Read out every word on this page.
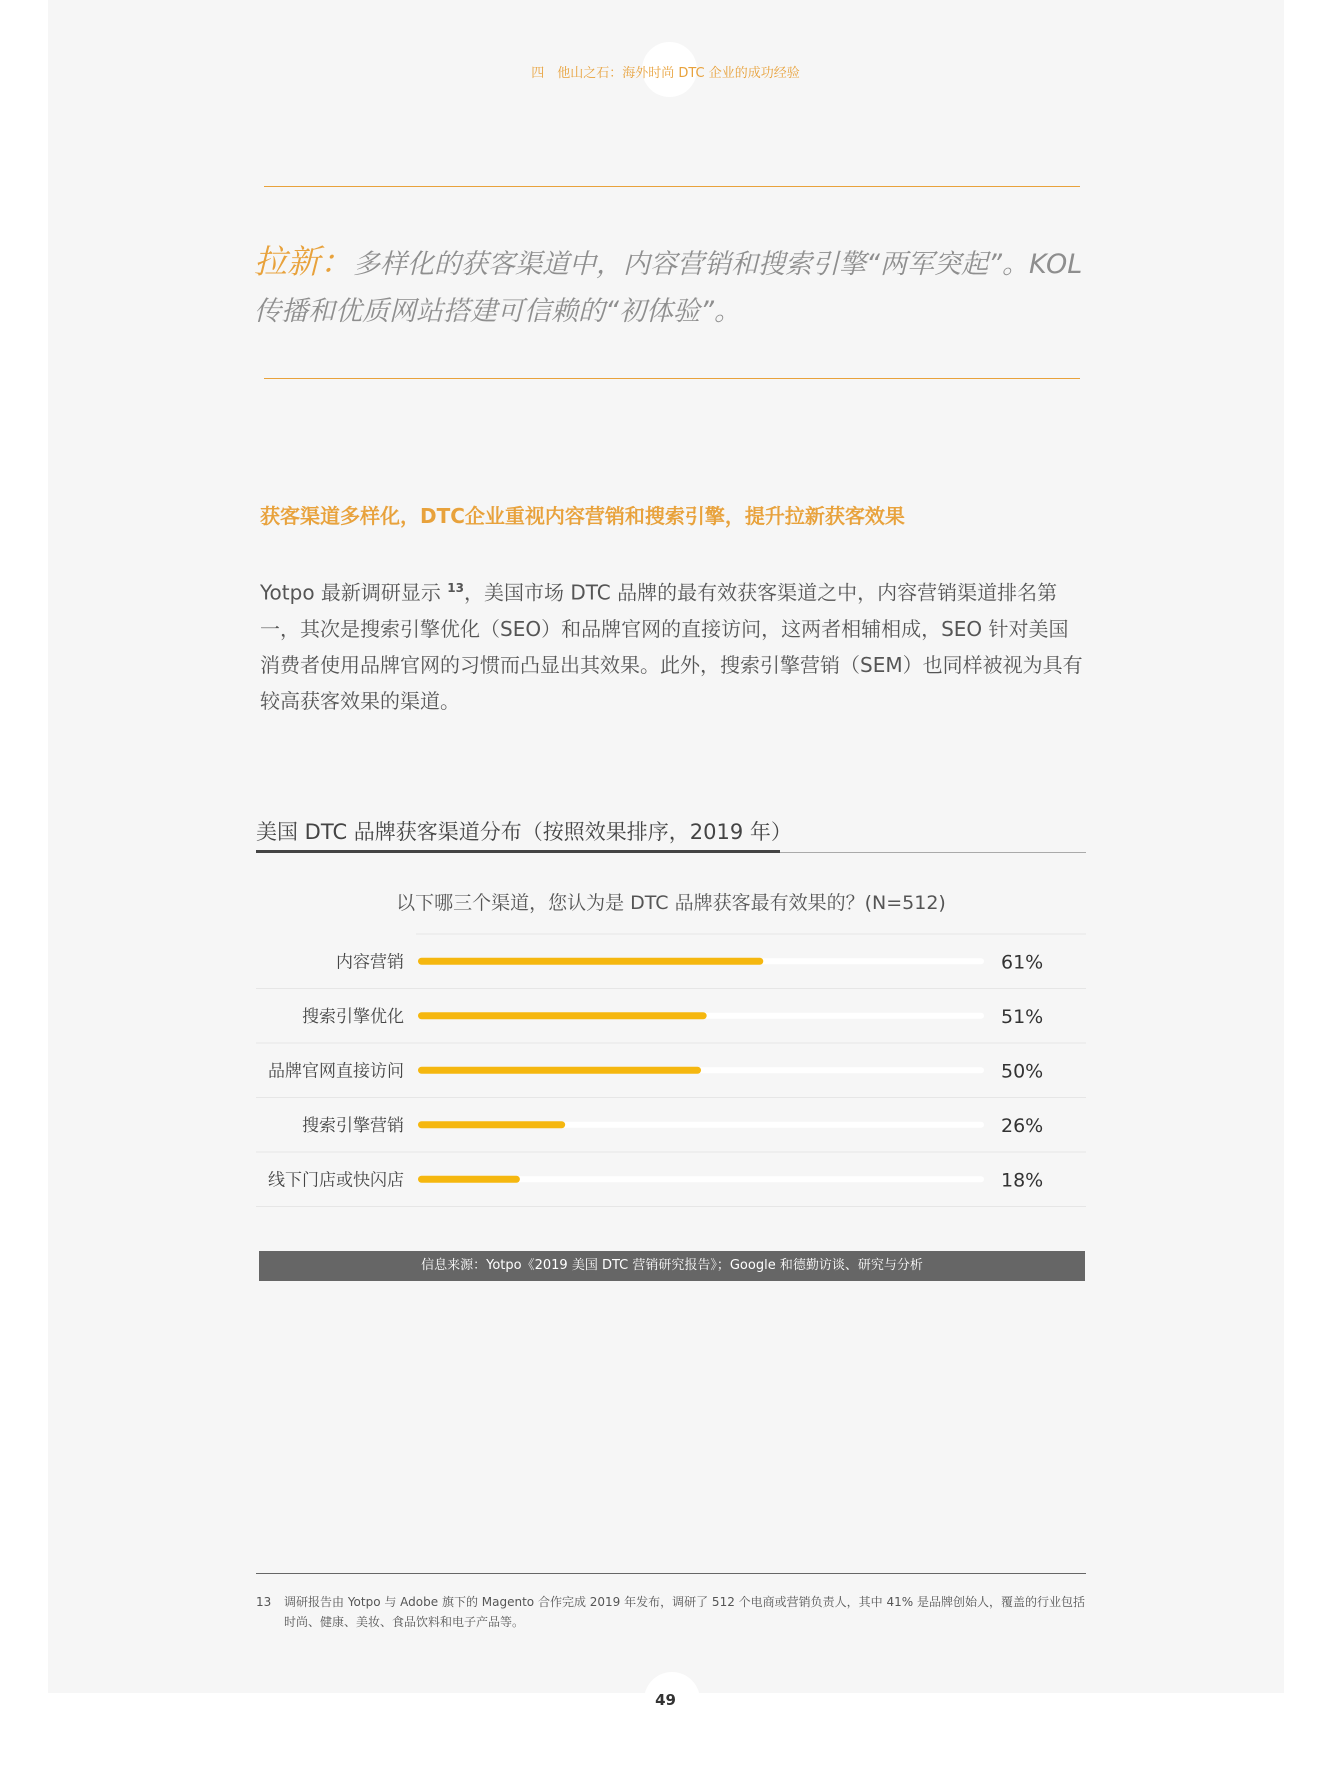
四　他山之石：海外时尚 DTC 企业的成功经验
拉新：多样化的获客渠道中，内容营销和搜索引擎“两军突起”。KOL 传播和优质网站搭建可信赖的“初体验”。
获客渠道多样化，DTC企业重视内容营销和搜索引擎，提升拉新获客效果
Yotpo 最新调研显示 $^{13}$，美国市场 DTC 品牌的最有效获客渠道之中，内容营销渠道排名第一，其次是搜索引擎优化（SEO）和品牌官网的直接访问，这两者相辅相成，SEO 针对美国消费者使用品牌官网的习惯而凸显出其效果。此外，搜索引擎营销（SEM）也同样被视为具有较高获客效果的渠道。
美国 DTC 品牌获客渠道分布（按照效果排序，2019 年）
以下哪三个渠道，您认为是 DTC 品牌获客最有效果的？(N=512)
内容营销	61%
搜索引擎优化	51%
品牌官网直接访问	50%
搜索引擎营销	26%
线下门店或快闪店	18%
信息来源：Yotpo《2019 美国 DTC 营销研究报告》；Google 和德勤访谈、研究与分析
13 调研报告由 Yotpo 与 Adobe 旗下的 Magento 合作完成 2019 年发布，调研了 512 个电商或营销负责人，其中 41% 是品牌创始人，覆盖的行业包括时尚、健康、美妆、食品饮料和电子产品等。
49
